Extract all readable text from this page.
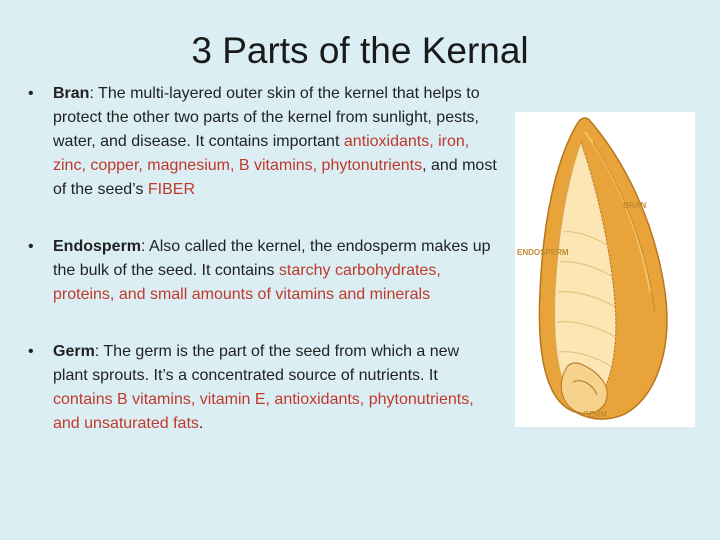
3 Parts of the Kernal
• Bran: The multi-layered outer skin of the kernel that helps to protect the other two parts of the kernel from sunlight, pests, water, and disease. It contains important antioxidants, iron, zinc, copper, magnesium, B vitamins, phytonutrients, and most of the seed’s FIBER
• Endosperm: Also called the kernel, the endosperm makes up the bulk of the seed. It contains starchy carbohydrates, proteins, and small amounts of vitamins and minerals
• Germ: The germ is the part of the seed from which a new plant sprouts. It’s a concentrated source of nutrients. It contains B vitamins, vitamin E, antioxidants, phytonutrients, and unsaturated fats.
BRAN
ENDOSPERM
GERM
